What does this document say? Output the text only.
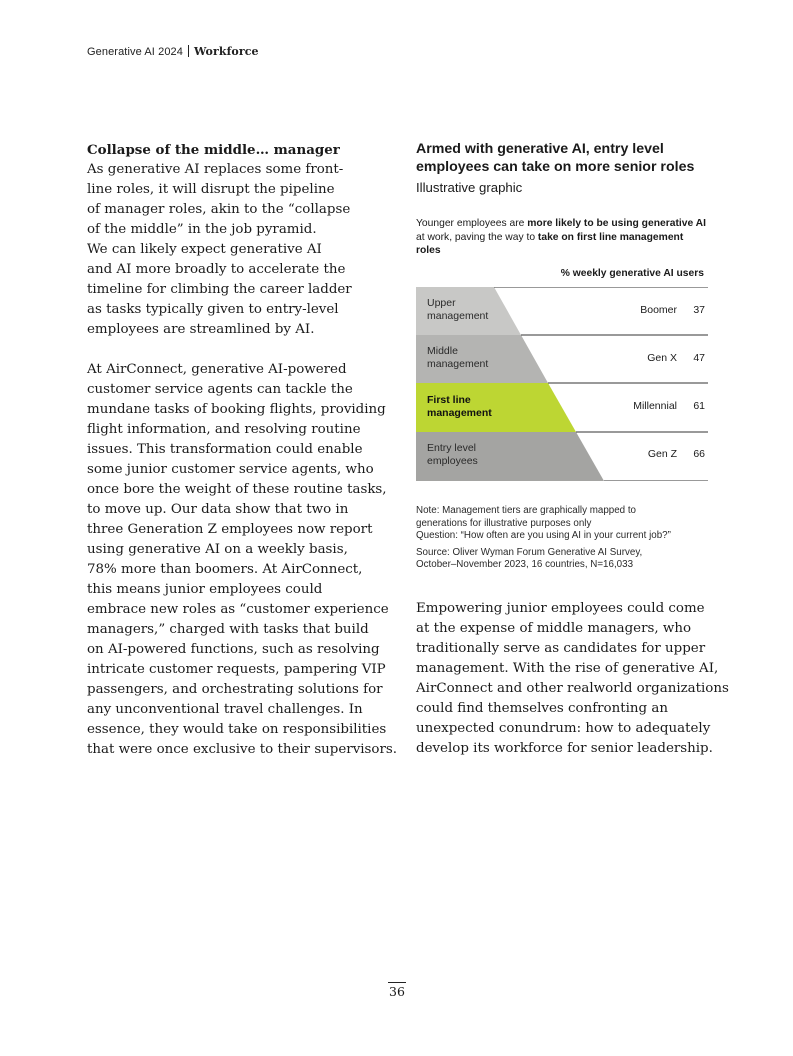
Generative AI 2024 Workforce
Collapse of the middle… manager

As generative AI replaces some front-
line roles, it will disrupt the pipeline
of manager roles, akin to the “collapse
of the middle” in the job pyramid.
We can likely expect generative AI
and AI more broadly to accelerate the
timeline for climbing the career ladder
as tasks typically given to entry-level
employees are streamlined by AI.

At AirConnect, generative AI-powered
customer service agents can tackle the
mundane tasks of booking flights, providing
flight information, and resolving routine
issues. This transformation could enable
some junior customer service agents, who
once bore the weight of these routine tasks,
to move up. Our data show that two in
three Generation Z employees now report
using generative AI on a weekly basis,
78% more than boomers. At AirConnect,
this means junior employees could
embrace new roles as “customer experience
managers,” charged with tasks that build
on AI-powered functions, such as resolving
intricate customer requests, pampering VIP
passengers, and orchestrating solutions for
any unconventional travel challenges. In
essence, they would take on responsibilities
that were once exclusive to their supervisors.

Armed with generative AI, entry level
employees can take on more senior roles

Illustrative graphic
Younger employees are more likely to be using generative AI at work, paving the way to take on first line management roles
% weekly generative AI users
Upper
management
Middle
management
First line
management
Entry level
employees
Boomer 37
Gen X 47
Millennial 61
Gen Z 66
Note: Management tiers are graphically mapped to
generations for illustrative purposes only
Question: “How often are you using AI in your current job?”
Source: Oliver Wyman Forum Generative AI Survey,
October–November 2023, 16 countries, N=16,033
Empowering junior employees could come
at the expense of middle managers, who
traditionally serve as candidates for upper
management. With the rise of generative AI,
AirConnect and other realworld organizations
could find themselves confronting an
unexpected conundrum: how to adequately
develop its workforce for senior leadership.
36
